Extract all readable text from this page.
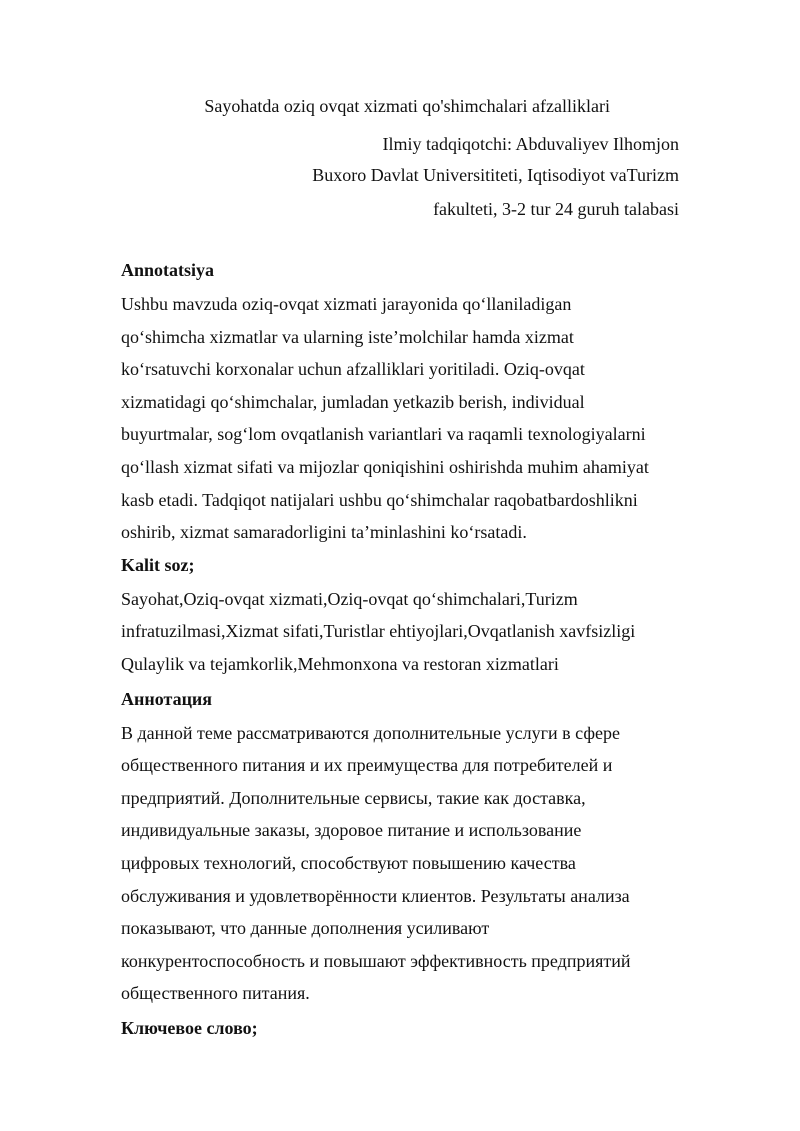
Sayohatda oziq ovqat xizmati qo'shimchalari afzalliklari
Ilmiy tadqiqotchi: Abduvaliyev Ilhomjon
Buxoro Davlat Universititeti, Iqtisodiyot vaTurizm
fakulteti, 3-2 tur 24 guruh talabasi
Annotatsiya

Ushbu mavzuda oziq-ovqat xizmati jarayonida qo‘llaniladigan
qo‘shimcha xizmatlar va ularning iste’molchilar hamda xizmat
ko‘rsatuvchi korxonalar uchun afzalliklari yoritiladi. Oziq-ovqat
xizmatidagi qo‘shimchalar, jumladan yetkazib berish, individual
buyurtmalar, sog‘lom ovqatlanish variantlari va raqamli texnologiyalarni
qo‘llash xizmat sifati va mijozlar qoniqishini oshirishda muhim ahamiyat
kasb etadi. Tadqiqot natijalari ushbu qo‘shimchalar raqobatbardoshlikni
oshirib, xizmat samaradorligini ta’minlashini ko‘rsatadi.

Kalit soz;

Sayohat,Oziq-ovqat xizmati,Oziq-ovqat qo‘shimchalari,Turizm
infratuzilmasi,Xizmat sifati,Turistlar ehtiyojlari,Ovqatlanish xavfsizligi
Qulaylik va tejamkorlik,Mehmonxona va restoran xizmatlari

Аннотация

В данной теме рассматриваются дополнительные услуги в сфере
общественного питания и их преимущества для потребителей и
предприятий. Дополнительные сервисы, такие как доставка,
индивидуальные заказы, здоровое питание и использование
цифровых технологий, способствуют повышению качества
обслуживания и удовлетворённости клиентов. Результаты анализа
показывают, что данные дополнения усиливают
конкурентоспособность и повышают эффективность предприятий
общественного питания.

Ключевое слово;
